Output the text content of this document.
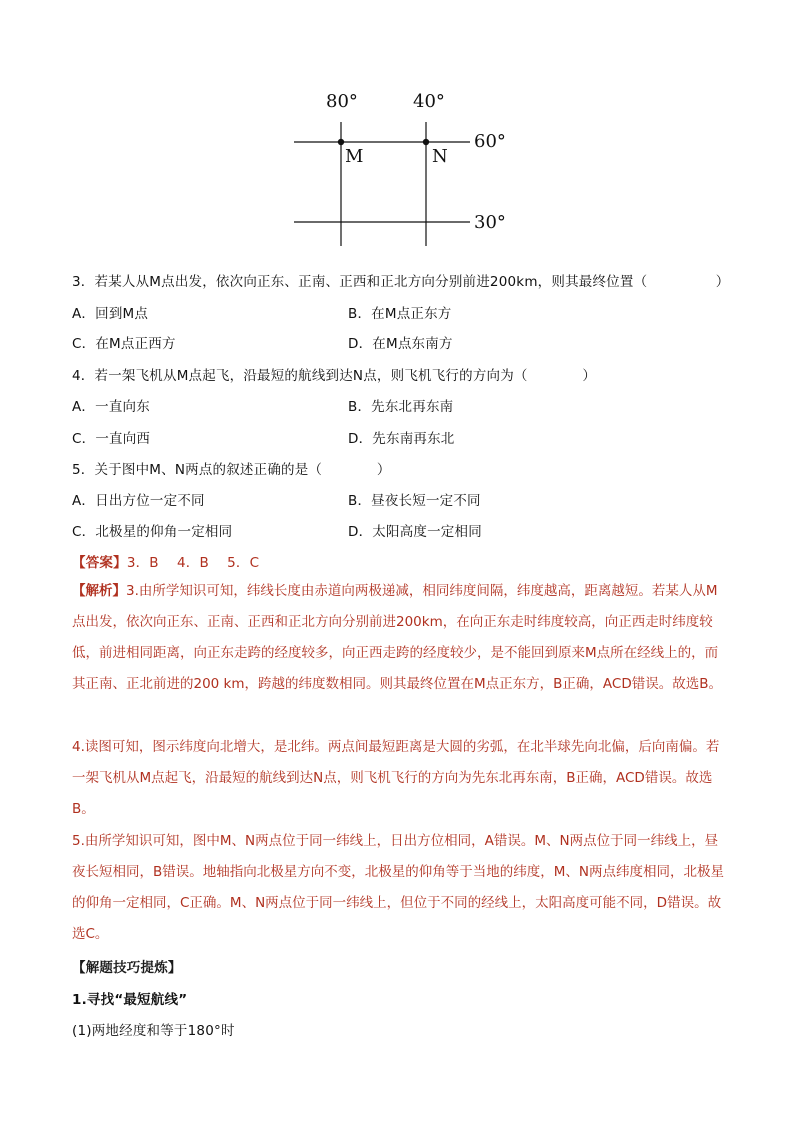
80°	40°
60°
30°
M	N
3．若某人从M点出发，依次向正东、正南、正西和正北方向分别前进200km，则其最终位置（　　　　　）
A．回到M点	B．在M点正东方
C．在M点正西方	D．在M点东南方
4．若一架飞机从M点起飞，沿最短的航线到达N点，则飞机飞行的方向为（　　　　）
A．一直向东	B．先东北再东南
C．一直向西	D．先东南再东北
5．关于图中M、N两点的叙述正确的是（　　　　）
A．日出方位一定不同	B．昼夜长短一定不同
C．北极星的仰角一定相同	D．太阳高度一定相同
【答案】3．B　 4．B　 5．C

【解析】3.由所学知识可知，纬线长度由赤道向两极递减，相同纬度间隔，纬度越高，距离越短。若某人从M点出发，依次向正东、正南、正西和正北方向分别前进200km，在向正东走时纬度较高，向正西走时纬度较低，前进相同距离，向正东走跨的经度较多，向正西走跨的经度较少，是不能回到原来M点所在经线上的，而其正南、正北前进的200 km，跨越的纬度数相同。则其最终位置在M点正东方，B正确，ACD错误。故选B。

4.读图可知，图示纬度向北增大，是北纬。两点间最短距离是大圆的劣弧，在北半球先向北偏，后向南偏。若一架飞机从M点起飞，沿最短的航线到达N点，则飞机飞行的方向为先东北再东南，B正确，ACD错误。故选B。

5.由所学知识可知，图中M、N两点位于同一纬线上，日出方位相同，A错误。M、N两点位于同一纬线上，昼夜长短相同，B错误。地轴指向北极星方向不变，北极星的仰角等于当地的纬度，M、N两点纬度相同，北极星的仰角一定相同，C正确。M、N两点位于同一纬线上，但位于不同的经线上，太阳高度可能不同，D错误。故选C。

【解题技巧提炼】
1.寻找“最短航线”
(1)两地经度和等于180°时
